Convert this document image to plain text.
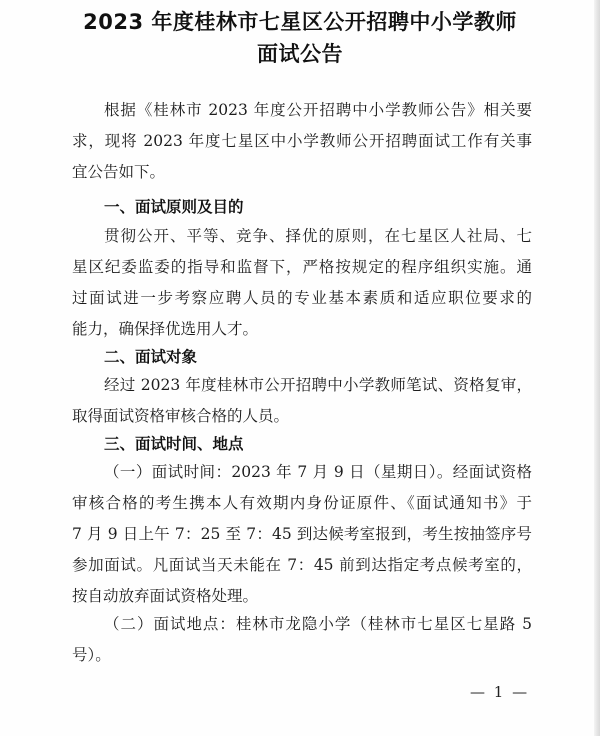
2023 年度桂林市七星区公开招聘中小学教师
面试公告
根据《桂林市 2023 年度公开招聘中小学教师公告》相关要
求，现将 2023 年度七星区中小学教师公开招聘面试工作有关事
宜公告如下。
一、面试原则及目的
贯彻公开、平等、竞争、择优的原则，在七星区人社局、七
星区纪委监委的指导和监督下，严格按规定的程序组织实施。通
过面试进一步考察应聘人员的专业基本素质和适应职位要求的
能力，确保择优选用人才。
二、面试对象
经过 2023 年度桂林市公开招聘中小学教师笔试、资格复审，
取得面试资格审核合格的人员。
三、面试时间、地点
（一）面试时间：2023 年 7 月 9 日（星期日）。经面试资格
审核合格的考生携本人有效期内身份证原件、《面试通知书》于
7 月 9 日上午 7：25 至 7：45 到达候考室报到，考生按抽签序号
参加面试。凡面试当天未能在 7：45 前到达指定考点候考室的，
按自动放弃面试资格处理。
（二）面试地点：桂林市龙隐小学（桂林市七星区七星路 5
号）。
— 1 —
